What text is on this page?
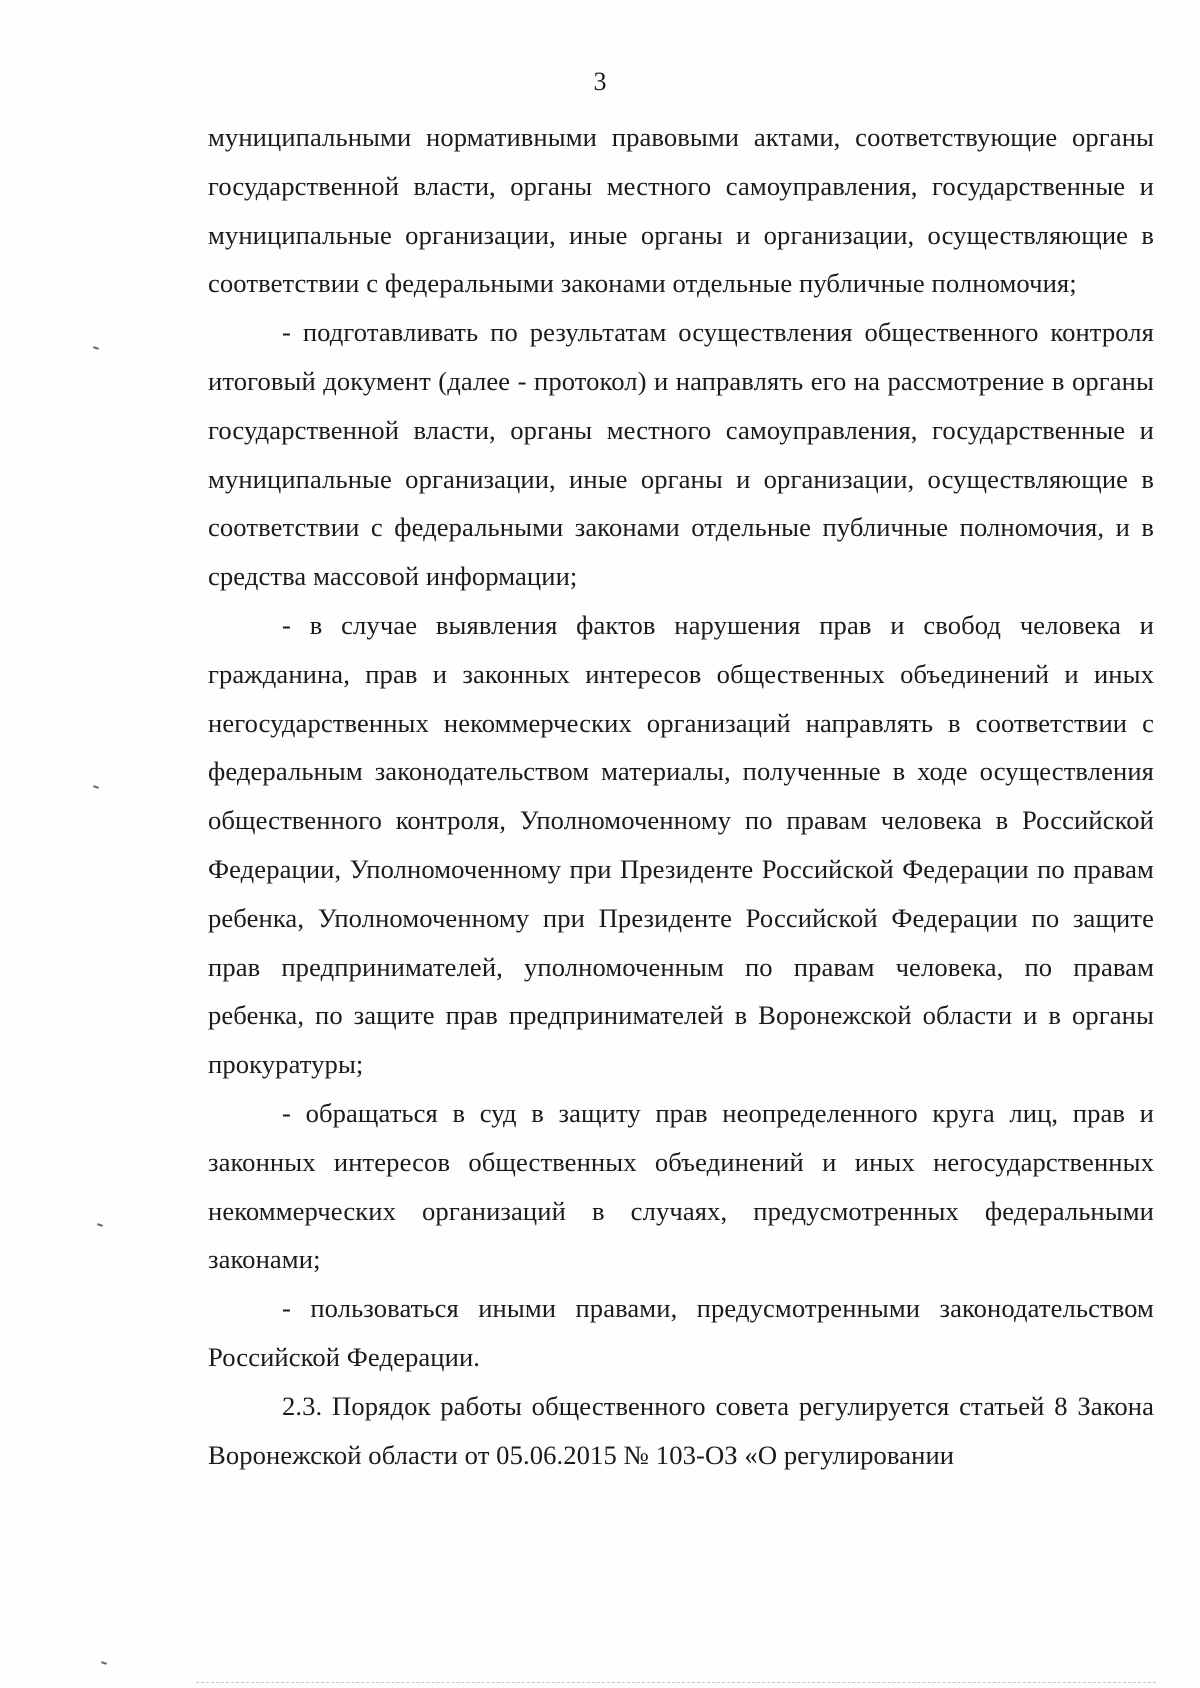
3

муниципальными нормативными правовыми актами, соответствующие органы государственной власти, органы местного самоуправления, государственные и муниципальные организации, иные органы и организации, осуществляющие в соответствии с федеральными законами отдельные публичные полномочия;

- подготавливать по результатам осуществления общественного контроля итоговый документ (далее - протокол) и направлять его на рассмотрение в органы государственной власти, органы местного самоуправления, государственные и муниципальные организации, иные органы и организации, осуществляющие в соответствии с федеральными законами отдельные публичные полномочия, и в средства массовой информации;

- в случае выявления фактов нарушения прав и свобод человека и гражданина, прав и законных интересов общественных объединений и иных негосударственных некоммерческих организаций направлять в соответствии с федеральным законодательством материалы, полученные в ходе осуществления общественного контроля, Уполномоченному по правам человека в Российской Федерации, Уполномоченному при Президенте Российской Федерации по правам ребенка, Уполномоченному при Президенте Российской Федерации по защите прав предпринимателей, уполномоченным по правам человека, по правам ребенка, по защите прав предпринимателей в Воронежской области и в органы прокуратуры;

- обращаться в суд в защиту прав неопределенного круга лиц, прав и законных интересов общественных объединений и иных негосударственных некоммерческих организаций в случаях, предусмотренных федеральными законами;

- пользоваться иными правами, предусмотренными законодательством Российской Федерации.

2.3. Порядок работы общественного совета регулируется статьей 8 Закона Воронежской области от 05.06.2015 № 103-ОЗ «О регулировании
